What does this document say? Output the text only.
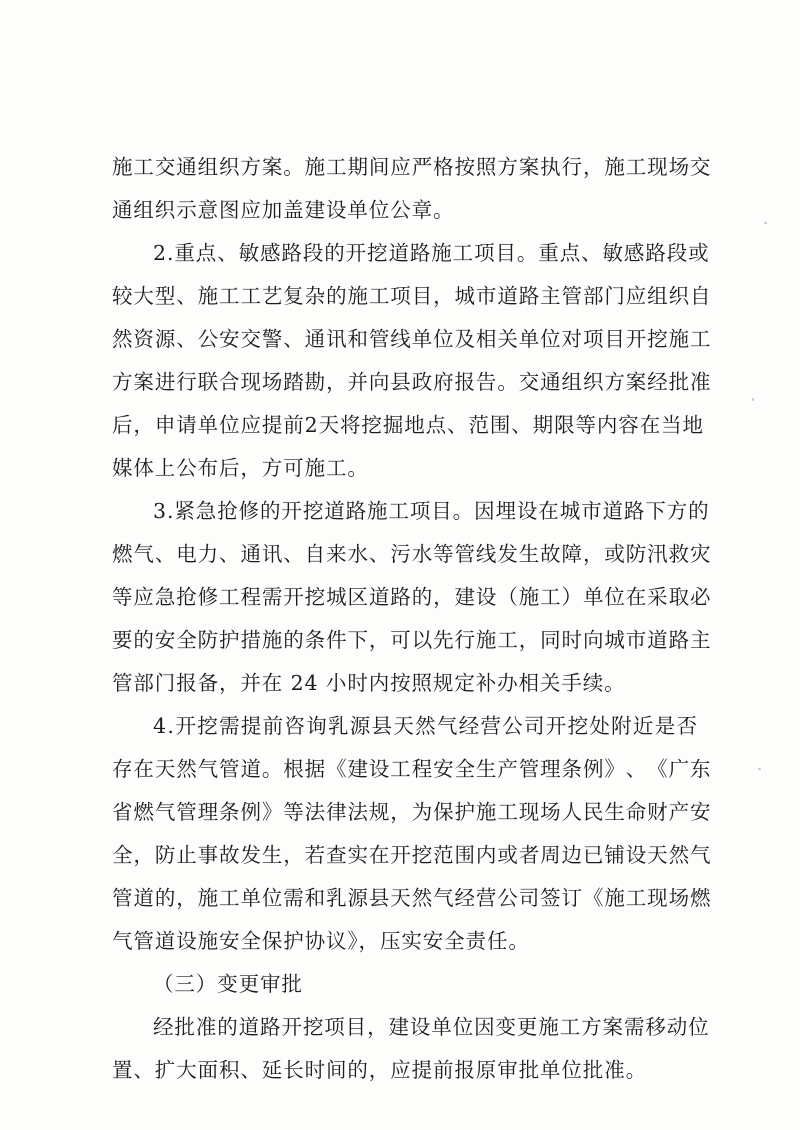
施 工 交 通 组 织 方 案 。 施 工 期 间 应 严 格 按 照 方 案 执 行 ， 施 工 现 场 交
通组织示意图应加盖建设单位公章。
2 . 重 点 、 敏 感 路 段 的 开 挖 道 路 施 工 项 目 。 重 点 、 敏 感 路 段 或
较 大 型 、 施 工 工 艺 复 杂 的 施 工 项 目 ， 城 市 道 路 主 管 部 门 应 组 织 自
然 资 源 、 公 安 交 警 、 通 讯 和 管 线 单 位 及 相 关 单 位 对 项 目 开 挖 施 工
方 案 进 行 联 合 现 场 踏 勘 ， 并 向 县 政 府 报 告 。 交 通 组 织 方 案 经 批 准
后 ， 申 请 单 位 应 提 前 2 天 将 挖 掘 地 点 、 范 围 、 期 限 等 内 容 在 当 地
媒体上公布后，方可施工。
3 . 紧 急 抢 修 的 开 挖 道 路 施 工 项 目 。 因 埋 设 在 城 市 道 路 下 方 的
燃 气 、 电 力 、 通 讯 、 自 来 水 、 污 水 等 管 线 发 生 故 障 ， 或 防 汛 救 灾
等 应 急 抢 修 工 程 需 开 挖 城 区 道 路 的 ， 建 设 （ 施 工 ） 单 位 在 采 取 必
要 的 安 全 防 护 措 施 的 条 件 下 ， 可 以 先 行 施 工 ， 同 时 向 城 市 道 路 主
管部门报备，并在 24 小时内按照规定补办相关手续。
4 . 开 挖 需 提 前 咨 询 乳 源 县 天 然 气 经 营 公 司 开 挖 处 附 近 是 否
存 在 天 然 气 管 道 。 根 据 《 建 设 工 程 安 全 生 产 管 理 条 例 》 、 《 广 东
省 燃 气 管 理 条 例 》 等 法 律 法 规 ， 为 保 护 施 工 现 场 人 民 生 命 财 产 安
全 ， 防 止 事 故 发 生 ， 若 查 实 在 开 挖 范 围 内 或 者 周 边 已 铺 设 天 然 气
管 道 的 ， 施 工 单 位 需 和 乳 源 县 天 然 气 经 营 公 司 签 订 《 施 工 现 场 燃
气管道设施安全保护协议》，压实安全责任。
（三）变更审批
经 批 准 的 道 路 开 挖 项 目 ， 建 设 单 位 因 变 更 施 工 方 案 需 移 动 位
置、扩大面积、延长时间的，应提前报原审批单位批准。
